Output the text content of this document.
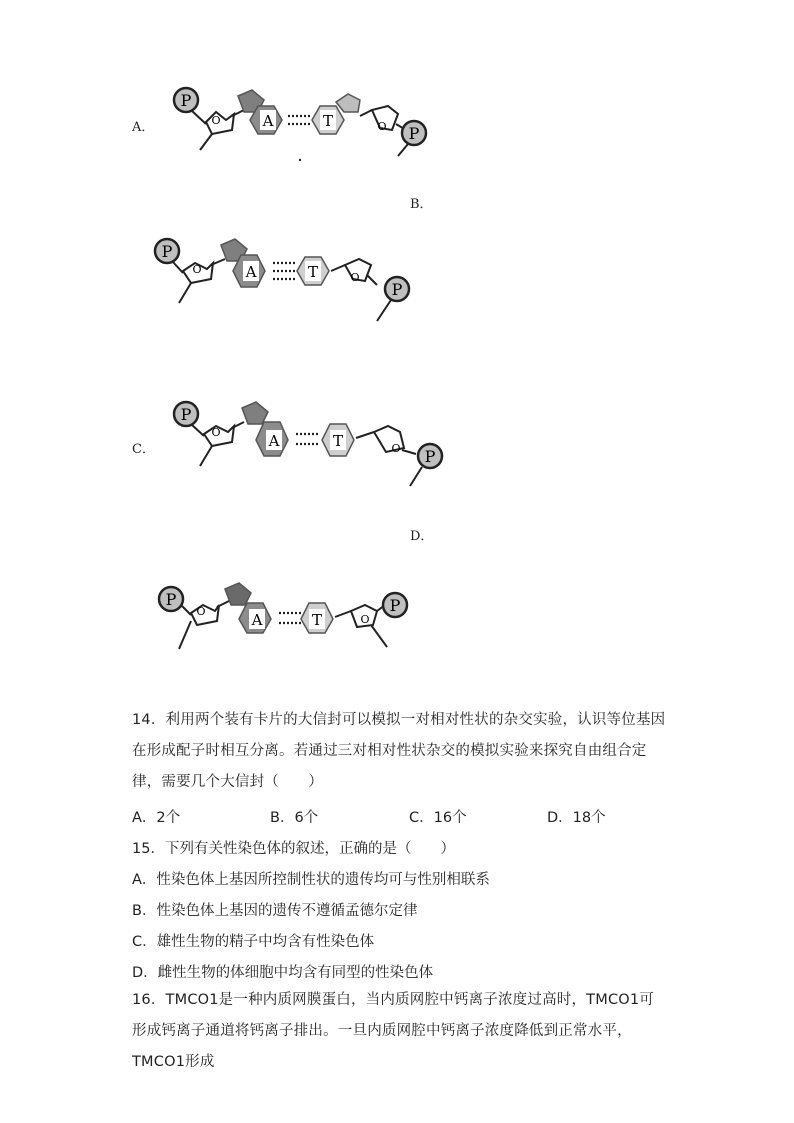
A．
B．
C．
D．
P
O	A	T	O P
P
O	A	T	O
P
P
O	A	T	O P
P
O	A	T	O
P
14．利用两个装有卡片的大信封可以模拟一对相对性状的杂交实验，认识等位基因在形成配子时相互分离。若通过三对相对性状杂交的模拟实验来探究自由组合定律，需要几个大信封（　　）
A．2个	B．6个	C．16个	D．18个
15．下列有关性染色体的叙述，正确的是（　　）
A．性染色体上基因所控制性状的遗传均可与性别相联系
B．性染色体上基因的遗传不遵循孟德尔定律
C．雄性生物的精子中均含有性染色体
D．雌性生物的体细胞中均含有同型的性染色体
16．TMCO1是一种内质网膜蛋白，当内质网腔中钙离子浓度过高时，TMCO1可形成钙离子通道将钙离子排出。一旦内质网腔中钙离子浓度降低到正常水平，TMCO1形成
